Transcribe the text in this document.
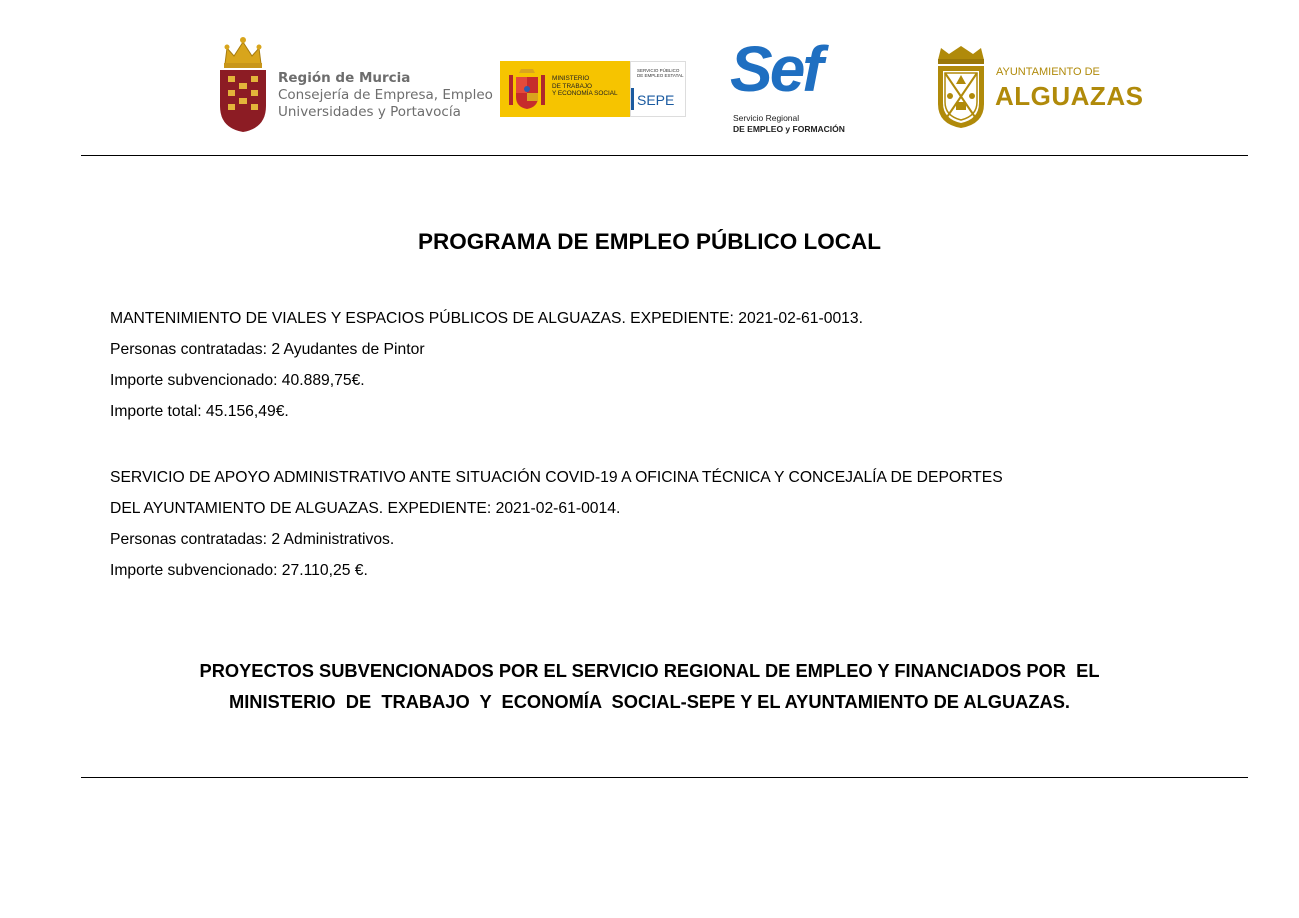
Región de Murcia
Consejería de Empresa, Empleo
Universidades y Portavocía
MINISTERIO
DE TRABAJO
Y ECONOMÍA SOCIAL
SERVICIO PÚBLICO
DE EMPLEO ESTATAL
SEPE Sef
Servicio Regional
DE EMPLEO y FORMACIÓN
AYUNTAMIENTO DE
ALGUAZAS
PROGRAMA DE EMPLEO PÚBLICO LOCAL
MANTENIMIENTO DE VIALES Y ESPACIOS PÚBLICOS DE ALGUAZAS. EXPEDIENTE: 2021-02-61-0013.
Personas contratadas: 2 Ayudantes de Pintor
Importe subvencionado: 40.889,75€.
Importe total: 45.156,49€.
SERVICIO DE APOYO ADMINISTRATIVO ANTE SITUACIÓN COVID-19 A OFICINA TÉCNICA Y CONCEJALÍA DE DEPORTES
DEL AYUNTAMIENTO DE ALGUAZAS. EXPEDIENTE: 2021-02-61-0014.
Personas contratadas: 2 Administrativos.
Importe subvencionado: 27.110,25 €.
PROYECTOS SUBVENCIONADOS POR EL SERVICIO REGIONAL DE EMPLEO Y FINANCIADOS POR  EL
MINISTERIO  DE  TRABAJO  Y  ECONOMÍA  SOCIAL-SEPE Y EL AYUNTAMIENTO DE ALGUAZAS.
